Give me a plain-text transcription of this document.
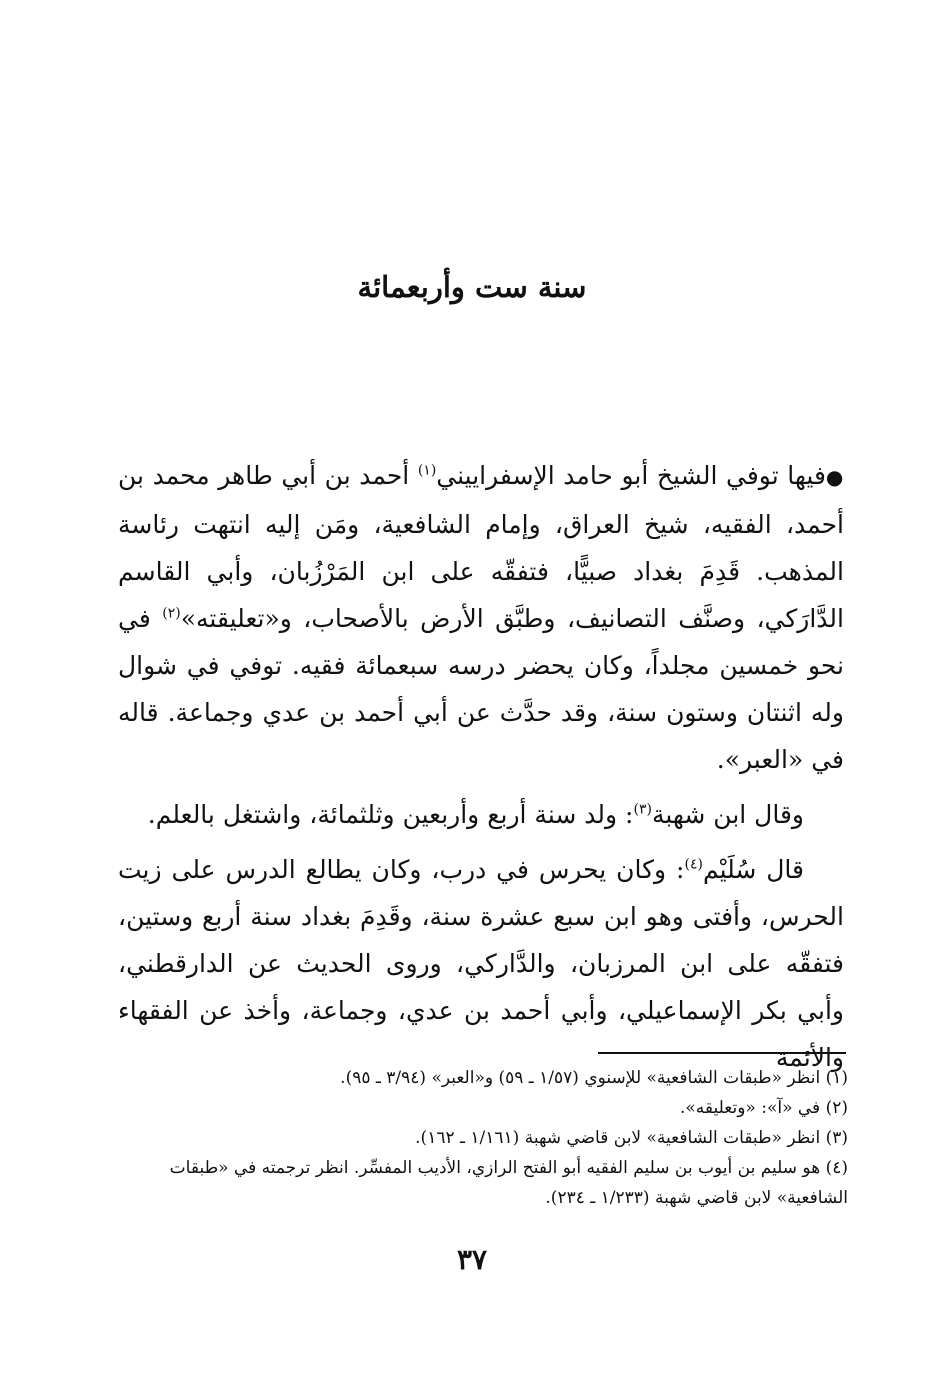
سنة ست وأربعمائة

●فيها توفي الشيخ أبو حامد الإسفراييني$^{(١)}$ أحمد بن أبي طاهر محمد بن أحمد، الفقيه، شيخ العراق، وإمام الشافعية، ومَن إليه انتهت رئاسة المذهب. قَدِمَ بغداد صبيًّا، فتفقّه على ابن المَرْزُبان، وأبي القاسم الدَّارَكي، وصنَّف التصانيف، وطبَّق الأرض بالأصحاب، و«تعليقته»$^{(٢)}$ في نحو خمسين مجلداً، وكان يحضر درسه سبعمائة فقيه. توفي في شوال وله اثنتان وستون سنة، وقد حدَّث عن أبي أحمد بن عدي وجماعة. قاله في «العبر».

وقال ابن شهبة$^{(٣)}$: ولد سنة أربع وأربعين وثلثمائة، واشتغل بالعلم.

قال سُلَيْم$^{(٤)}$: وكان يحرس في درب، وكان يطالع الدرس على زيت الحرس، وأفتى وهو ابن سبع عشرة سنة، وقَدِمَ بغداد سنة أربع وستين، فتفقّه على ابن المرزبان، والدَّاركي، وروى الحديث عن الدارقطني، وأبي بكر الإسماعيلي، وأبي أحمد بن عدي، وجماعة، وأخذ عن الفقهاء والأئمة

(١) انظر «طبقات الشافعية» للإسنوي (١/٥٧ ـ ٥٩) و«العبر» (٣/٩٤ ـ ٩٥).

(٢) في «آ»: «وتعليقه».

(٣) انظر «طبقات الشافعية» لابن قاضي شهبة (١/١٦١ ـ ١٦٢).

(٤) هو سليم بن أيوب بن سليم الفقيه أبو الفتح الرازي، الأديب المفسِّر. انظر ترجمته في «طبقات الشافعية» لابن قاضي شهبة (١/٢٣٣ ـ ٢٣٤).

٣٧
